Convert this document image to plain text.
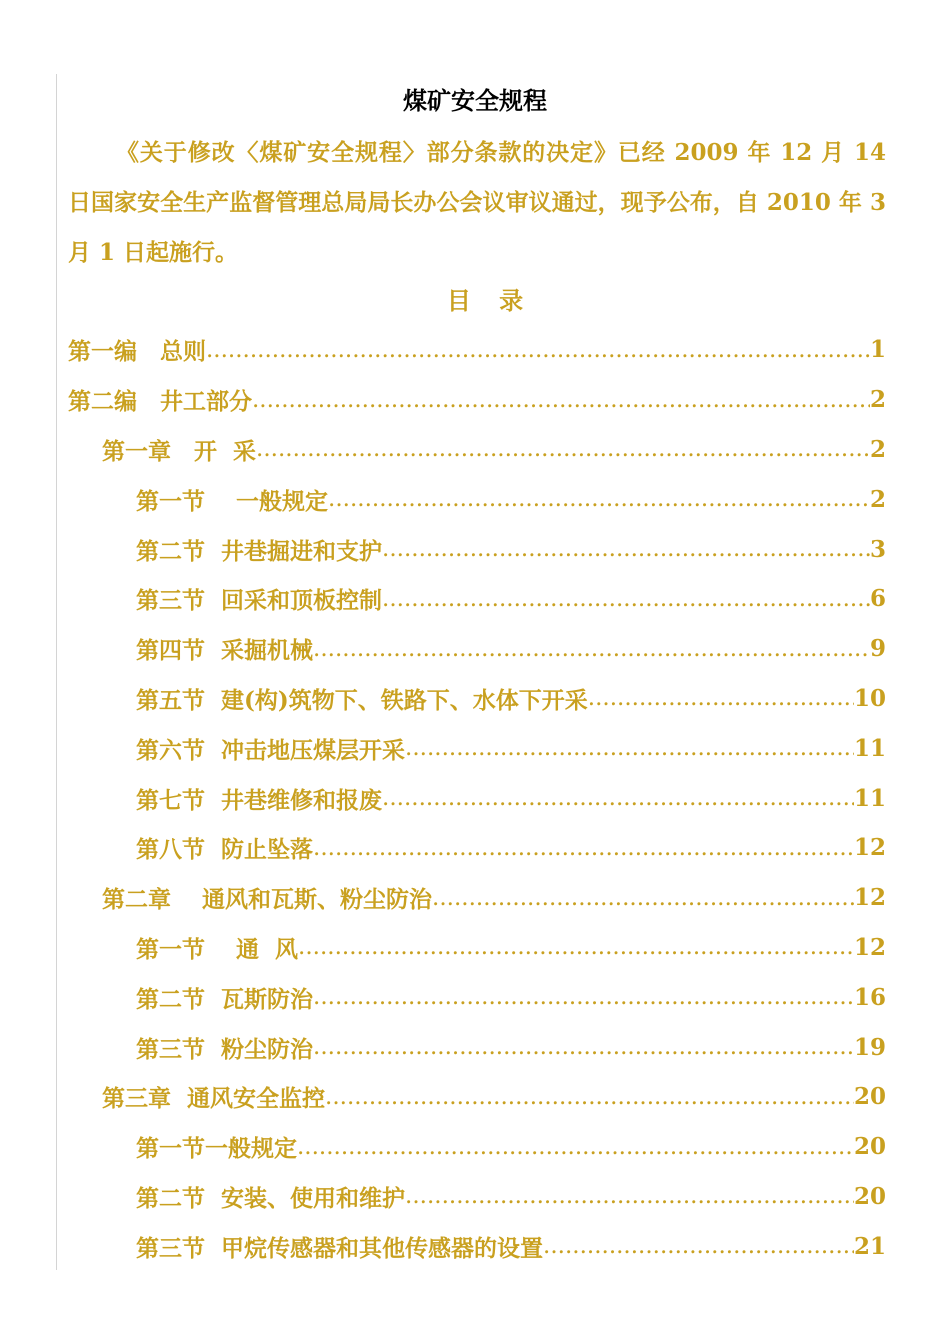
煤矿安全规程
《关于修改〈煤矿安全规程〉部分条款的决定》已经 2009 年 12 月 14 日国家安全生产监督管理总局局长办公会议审议通过，现予公布，自 2010 年 3 月 1 日起施行。
目 录
第一编　总则 .....	1
第二编　井工部分 .....	2
第一章　开  采 .....	2
第一节　 一般规定 .....	2
第二节  井巷掘进和支护 .....	3
第三节  回采和顶板控制 .....	6
第四节  采掘机械 .....	9
第五节  建(构)筑物下、铁路下、水体下开采 .....	10
第六节  冲击地压煤层开采 .....	11
第七节  井巷维修和报废 .....	11
第八节  防止坠落 .....	12
第二章　 通风和瓦斯、粉尘防治 .....	12
第一节　 通  风 .....	12
第二节  瓦斯防治 .....	16
第三节  粉尘防治 .....	19
第三章  通风安全监控 .....	20
第一节一般规定 .....	20
第二节  安装、使用和维护 .....	20
第三节  甲烷传感器和其他传感器的设置 .....	21
